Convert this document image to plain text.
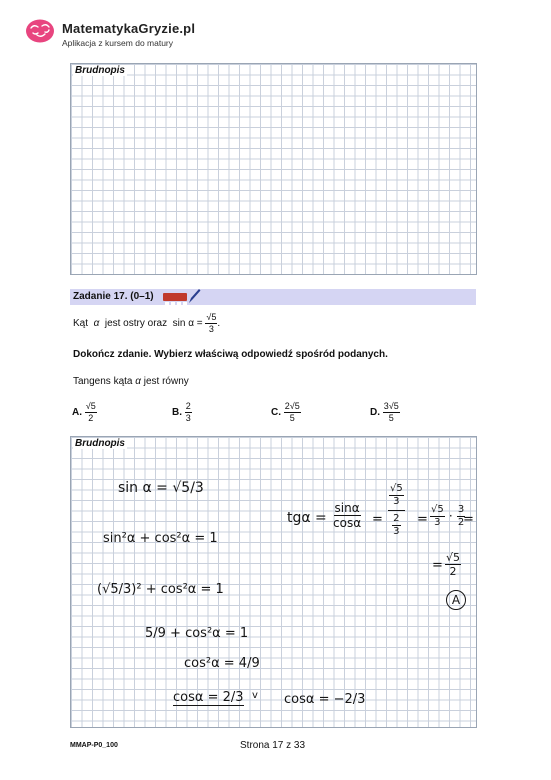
MatematykaGryzie.pl
Aplikacja z kursem do matury
Brudnopis
Zadanie 17. (0–1)
Kąt α jest ostry oraz $\sin \alpha = \frac{√5}{3}$ .
Dokończ zdanie. Wybierz właściwą odpowiedź spośród podanych.
Tangens kąta α jest równy
A. $\frac{√5}{2}$	B. $\frac{2}{3}$	C. $\frac{2√5}{5}$	D. $\frac{3√5}{5}$
Brudnopis
sin α = √5/3
sin²α + cos²α = 1
(√5/3)² + cos²α = 1
5/9 + cos²α = 1
cos²α = 4/9
cosα = 2/3 v cosα = −2/3
$tg\alpha = \frac{\sin\alpha}{\cos\alpha} = \frac{\frac{√5}{3}}{\frac{2}{3}} = \frac{√5}{3} \cdot \frac{3}{2}$
=
= $\frac{√5}{2}$
A
MMAP-P0_100	Strona 17 z 33
